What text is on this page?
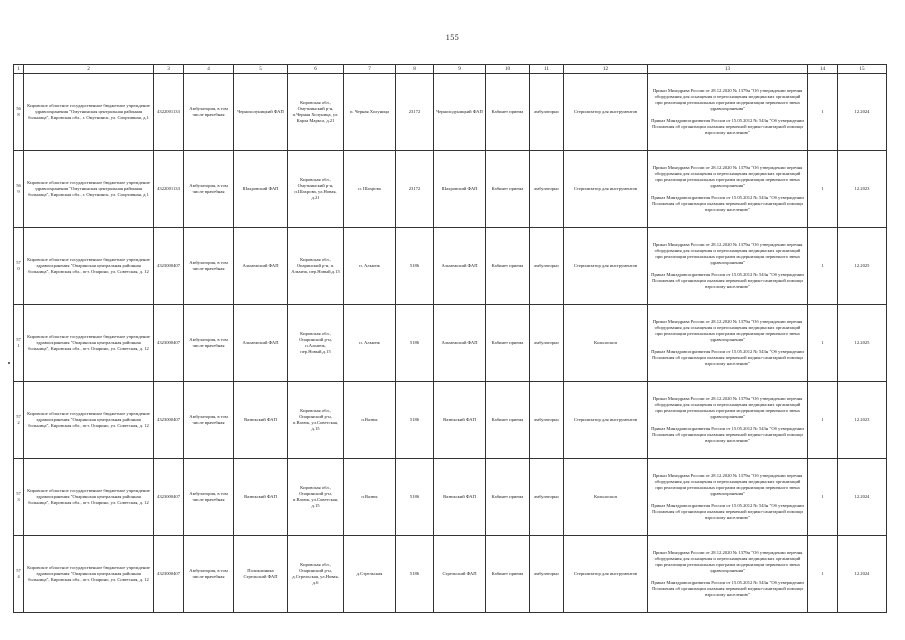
155
1	2	3	4	5	6	7	8	9	10	11	12	13	14	15
568	Кировское областное государственное бюджетное учреждение здравоохранения "Омутнинская центральная районная больница", Кировская обл., г. Омутнинск, ул. Спортивная, д.1	4322001133	Амбулатория, в том числе врачебная	Чернохолуницкий ФАП	Кировская обл., Омутнинский р-н, п.Черная Холуница, ул. Карла Маркса, д.21	п. Черная Холуница	23172	Черноходуницкий ФАП	Кабинет приема	амбулаторно	Стерилизатор для инструментов	Приказ Минздрава России от 28.12.2020 № 1379н "Об утверждении перечня оборудования для оснащения и переоснащения медицинских организаций при реализации региональных программ модернизации первичного звена здравоохранения"
Приказ Минздравсоцразвития России от 15.05.2012 № 543н "Об утверждении Положения об организации оказания первичной медико-санитарной помощи взрослому населению"	1	12.2024
569	Кировское областное государственное бюджетное учреждение здравоохранения "Омутнинская центральная районная больница", Кировская обл., г. Омутнинск, ул. Спортивная, д.1	4322001133	Амбулатория, в том числе врачебная	Шахровский ФАП	Кировская обл., Омутнинский р-н, п.Шахрова, ул.Новая, д.21	п. Шахрова	23172	Шахровский ФАП	Кабинет приема	амбулаторно	Стерилизатор для инструментов	Приказ Минздрава России от 28.12.2020 № 1379н "Об утверждении перечня оборудования для оснащения и переоснащения медицинских организаций при реализации региональных программ модернизации первичного звена здравоохранения"
Приказ Минздравсоцразвития России от 15.05.2012 № 543н "Об утверждении Положения об организации оказания первичной медико-санитарной помощи взрослому населению"	1	12.2023
570	Кировское областное государственное бюджетное учреждение здравоохранения "Опаринская центральная районная больница", Кировская обл., пгт. Опарино, ул. Советская, д. 12	4323000407	Амбулатория, в том числе врачебная	Альмежский ФАП	Кировская обл., Опаринский р-н, п. Альмеж, пер.Новый,д.15	п. Альмеж	5186	Альмежский ФАП	Кабинет приема	амбулаторно	Стерилизатор для инструментов	Приказ Минздрава России от 28.12.2020 № 1379н "Об утверждении перечня оборудования для оснащения и переоснащения медицинских организаций при реализации региональных программ модернизации первичного звена здравоохранения"
Приказ Минздравсоцразвития России от 15.05.2012 № 543н "Об утверждении Положения об организации оказания первичной медико-санитарной помощи взрослому населению"	1	12.2025
571	Кировское областное государственное бюджетное учреждение здравоохранения "Опаринская центральная районная больница", Кировская обл., пгт. Опарино, ул. Советская, д. 12	4323000407	Амбулатория, в том числе врачебная	Альмежский ФАП	Кировская обл., Опаринский р-н, п.Альмеж, пер.Новый,д.15	п. Альмеж	5186	Альмежский ФАП	Кабинет приема	амбулаторно	Кольпоскоп	Приказ Минздрава России от 28.12.2020 № 1379н "Об утверждении перечня оборудования для оснащения и переоснащения медицинских организаций при реализации региональных программ модернизации первичного звена здравоохранения"
Приказ Минздравсоцразвития России от 15.05.2012 № 543н "Об утверждении Положения об организации оказания первичной медико-санитарной помощи взрослому населению"	1	12.2025
572	Кировское областное государственное бюджетное учреждение здравоохранения "Опаринская центральная районная больница", Кировская обл., пгт. Опарино, ул. Советская, д. 12	4323000407	Амбулатория, в том числе врачебная	Вазюкский ФАП	Кировская обл., Опаринский р-н, п.Вазюк, ул.Советская, д.15	п.Вазюк	5186	Вазюкский ФАП	Кабинет приема	амбулаторно	Стерилизатор для инструментов	Приказ Минздрава России от 28.12.2020 № 1379н "Об утверждении перечня оборудования для оснащения и переоснащения медицинских организаций при реализации региональных программ модернизации первичного звена здравоохранения"
Приказ Минздравсоцразвития России от 15.05.2012 № 543н "Об утверждении Положения об организации оказания первичной медико-санитарной помощи взрослому населению"	1	12.2023
573	Кировское областное государственное бюджетное учреждение здравоохранения "Опаринская центральная районная больница", Кировская обл., пгт. Опарино, ул. Советская, д. 12	4323000407	Амбулатория, в том числе врачебная	Вазюкский ФАП	Кировская обл., Опаринский р-н, п.Вазюк, ул.Советская, д.15	п.Вазюк	5186	Вазюкский ФАП	Кабинет приема	амбулаторно	Кольпоскоп	Приказ Минздрава России от 28.12.2020 № 1379н "Об утверждении перечня оборудования для оснащения и переоснащения медицинских организаций при реализации региональных программ модернизации первичного звена здравоохранения"
Приказ Минздравсоцразвития России от 15.05.2012 № 543н "Об утверждении Положения об организации оказания первичной медико-санитарной помощи взрослому населению"	1	12.2024
574	Кировское областное государственное бюджетное учреждение здравоохранения "Опаринская центральная районная больница", Кировская обл., пгт. Опарино, ул. Советская, д. 12	4323000407	Амбулатория, в том числе врачебная	Поликлиника Стрельский ФАП	Кировская обл., Опаринский р-н, д.Стрельская, ул.Новая, д.6	д.Стрельская	5186	Стрельский ФАП	Кабинет приема	амбулаторно	Стерилизатор для инструментов	Приказ Минздрава России от 28.12.2020 № 1379н "Об утверждении перечня оборудования для оснащения и переоснащения медицинских организаций при реализации региональных программ модернизации первичного звена здравоохранения"
Приказ Минздравсоцразвития России от 15.05.2012 № 543н "Об утверждении Положения об организации оказания первичной медико-санитарной помощи взрослому населению"	1	12.2024
